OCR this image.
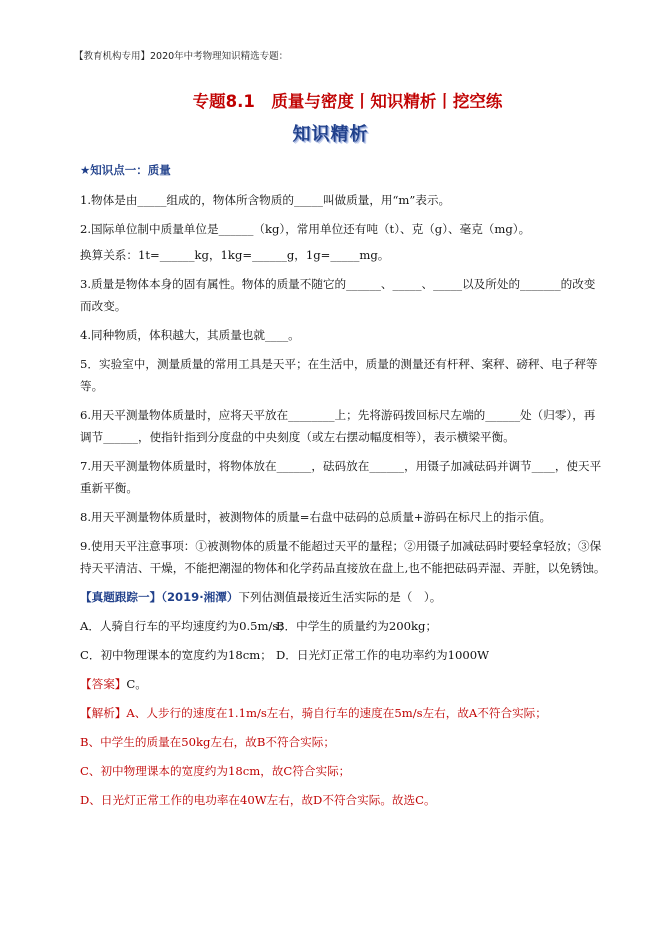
【教育机构专用】2020年中考物理知识精选专题：
专题8.1　质量与密度丨知识精析丨挖空练
知识精析

★知识点一：质量

1.物体是由_____组成的，物体所含物质的_____叫做质量，用“m”表示。

2.国际单位制中质量单位是______（kg），常用单位还有吨（t）、克（g）、毫克（mg）。

换算关系：1t=______kg，1kg=______g，1g=_____mg。

3.质量是物体本身的固有属性。物体的质量不随它的______、_____、_____以及所处的_______的改变

而改变。

4.同种物质，体积越大，其质量也就____。

5．实验室中，测量质量的常用工具是天平；在生活中，质量的测量还有杆秤、案秤、磅秤、电子秤等

等。

6.用天平测量物体质量时，应将天平放在________上；先将游码拨回标尺左端的______处（归零），再

调节______，使指针指到分度盘的中央刻度（或左右摆动幅度相等），表示横梁平衡。

7.用天平测量物体质量时，将物体放在______，砝码放在______，用镊子加减砝码并调节____，使天平

重新平衡。

8.用天平测量物体质量时，被测物体的质量=右盘中砝码的总质量+游码在标尺上的指示值。

9.使用天平注意事项：①被测物体的质量不能超过天平的量程；②用镊子加减砝码时要轻拿轻放；③保

持天平清洁、干燥，不能把潮湿的物体和化学药品直接放在盘上,也不能把砝码弄湿、弄脏，以免锈蚀。

【真题跟踪一】（2019·湘潭）下列估测值最接近生活实际的是（　）。

A．人骑自行车的平均速度约为0.5m/s；
B．中学生的质量约为200kg；
C．初中物理课本的宽度约为18cm； D．日光灯正常工作的电功率约为1000W

【答案】C。

【解析】A、人步行的速度在1.1m/s左右，骑自行车的速度在5m/s左右，故A不符合实际；

B、中学生的质量在50kg左右，故B不符合实际；

C、初中物理课本的宽度约为18cm，故C符合实际；

D、日光灯正常工作的电功率在40W左右，故D不符合实际。故选C。
